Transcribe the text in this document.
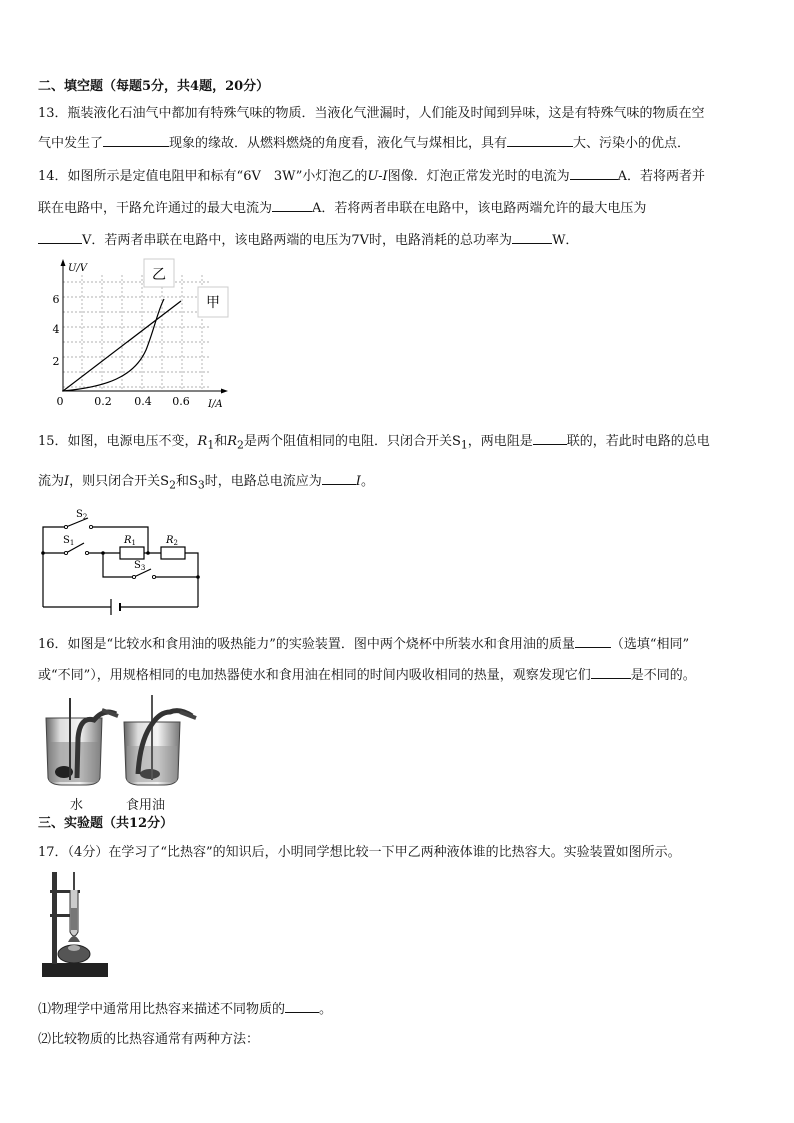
二、填空题（每题5分，共4题，20分）
13．瓶装液化石油气中都加有特殊气味的物质．当液化气泄漏时，人们能及时闻到异味，这是有特殊气味的物质在空
气中发生了	现象的缘故．从燃料燃烧的角度看，液化气与煤相比，具有	大、污染小的优点．
14．如图所示是定值电阻甲和标有“6V　3W”小灯泡乙的U-I图像．灯泡正常发光时的电流为	A．若将两者并
联在电路中，干路允许通过的最大电流为	A．若将两者串联在电路中，该电路两端允许的最大电压为
V．若两者串联在电路中，该电路两端的电压为7V时，电路消耗的总功率为	W．
乙
甲
U/V
I/A
2
4
6
0	0.2 0.4 0.6
15．如图，电源电压不变，$R_1$和$R_2$是两个阻值相同的电阻．只闭合开关$S_1$，两电阻是	联的，若此时电路的总电
流为I，则只闭合开关$S_2$和$S_3$时，电路总电流应为	I。
$S_2$
$S_1$	$R_1$	$R_2$
$S_3$
16．如图是“比较水和食用油的吸热能力”的实验装置．图中两个烧杯中所装水和食用油的质量	（选填“相同”
或“不同”），用规格相同的电加热器使水和食用油在相同的时间内吸收相同的热量，观察发现它们	是不同的。
水	食用油
三、实验题（共12分）
17．（4分）在学习了“比热容”的知识后，小明同学想比较一下甲乙两种液体谁的比热容大。实验装置如图所示。
⑴物理学中通常用比热容来描述不同物质的	。
⑵比较物质的比热容通常有两种方法：
